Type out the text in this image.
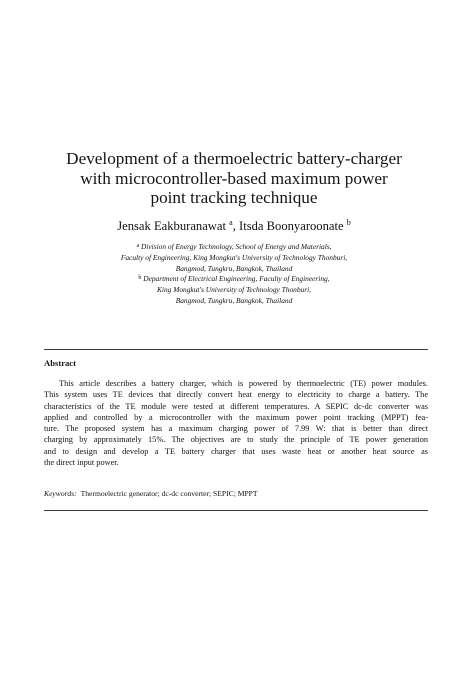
Development of a thermoelectric battery-charger
with microcontroller-based maximum power
point tracking technique

Jensak Eakburanawat $^a$, Itsda Boonyaroonate $^b$

$^a$ Division of Energy Technology, School of Energy and Materials,
Faculty of Engineering, King Mongkut's University of Technology Thonburi,
Bangmod, Tungkru, Bangkok, Thailand
$^b$ Department of Electrical Engineering, Faculty of Engineering,
King Mongkut's University of Technology Thonburi,
Bangmod, Tungkru, Bangkok, Thailand
Abstract
This article describes a battery charger, which is powered by thermoelectric (TE) power modules.
This system uses TE devices that directly convert heat energy to electricity to charge a battery. The
characteristics of the TE module were tested at different temperatures. A SEPIC dc-dc converter was
applied and controlled by a microcontroller with the maximum power point tracking (MPPT) fea-
ture. The proposed system has a maximum charging power of 7.99 W: that is better than direct
charging by approximately 15%. The objectives are to study the principle of TE power generation
and to design and develop a TE battery charger that uses waste heat or another heat source as
the direct input power.

Keywords: Thermoelectric generator; dc-dc converter; SEPIC; MPPT
